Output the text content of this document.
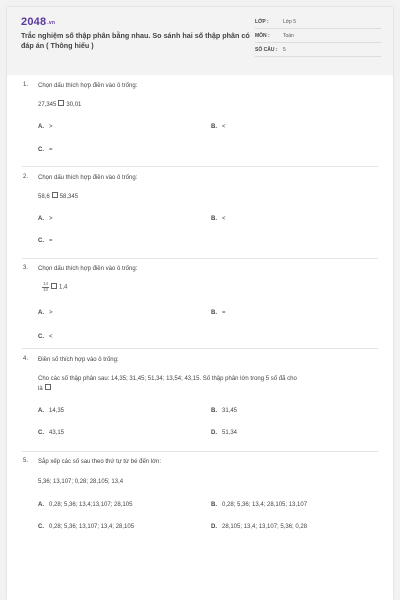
2048.vn
Trắc nghiệm số thập phân bằng nhau. So sánh hai số thập phân có đáp án ( Thông hiểu )
LỚP :	Lớp 5
MÔN :	Toán
SỐ CÂU : 5
1. Chọn dấu thích hợp điền vào ô trống:
27,345 30,01
A. >	B. <
C. =
2. Chọn dấu thích hợp điền vào ô trống:
58,6 58,345
A. >	B. <
C. =
3. Chọn dấu thích hợp điền vào ô trống:
$\frac{14}{10} 1,4$
A. >	B. =
C. <
4. Điền số thích hợp vào ô trống:
Cho các số thập phân sau: 14,35; 31,45; 51,34; 13,54; 43,15. Số thập phân lớn trong 5 số đã cho
là
A. 14,35	B. 31,45
C. 43,15	D. 51,34
5. Sắp xếp các số sau theo thứ tự từ bé đến lớn:
5,36; 13,107; 0,28; 28,105; 13,4
A. 0,28; 5,36; 13,4;13,107; 28,105	B. 0,28; 5,36; 13,4; 28,105; 13,107
C. 0,28; 5,36; 13,107; 13,4; 28,105	D. 28,105; 13,4; 13,107; 5,36; 0,28
